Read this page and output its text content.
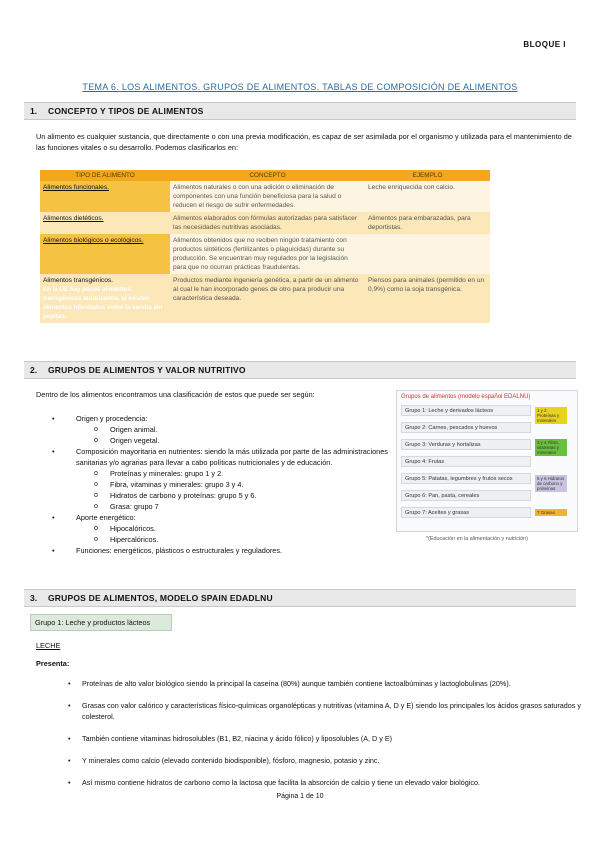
BLOQUE I
TEMA 6. LOS ALIMENTOS. GRUPOS DE ALIMENTOS. TABLAS DE COMPOSICIÓN DE ALIMENTOS
1.	CONCEPTO Y TIPOS DE ALIMENTOS

Un alimento es cualquier sustancia, que directamente o con una previa modificación, es capaz de ser asimilada por el organismo y utilizada para el mantenimiento de las funciones vitales o su desarrollo. Podemos clasificarlos en:

TIPO DE ALIMENTO	CONCEPTO	EJEMPLO
Alimentos funcionales.	Alimentos naturales o con una adición o eliminación de componentes con una función beneficiosa para la salud o reducen el riesgo de sufrir enfermedades.	Leche enriquecida con calcio.
Alimentos dietéticos.	Alimentos elaborados con fórmulas autorizadas para satisfacer las necesidades nutritivas asociadas.	Alimentos para embarazadas, para deportistas.
Alimentos biológicos o ecológicos.	Alimentos obtenidos que no reciben ningún tratamiento con productos sintéticos (fertilizantes o plaguicidas) durante su producción. Se encuentran muy regulados por la legislación para que no ocurran prácticas fraudulentas.	

Alimentos transgénicos.
En la UE hay pocos alimentos transgénicos autorizados, si existen alimentos híbridados como la sandía sin pepitas.	Productos mediante ingeniería genética, a partir de un alimento al cual le han incorporado genes de otro para producir una característica deseada.	Piensos para animales (permitido en un 0,9%) como la soja transgénica.
2.	GRUPOS DE ALIMENTOS Y VALOR NUTRITIVO

Dentro de los alimentos encontramos una clasificación de estos que puede ser según:

• Origen y procedencia:
o Origen animal.
o Origen vegetal.
• Composición mayoritaria en nutrientes: siendo la más utilizada por parte de las administraciones sanitarias y/o agrarias para llevar a cabo políticas nutricionales y de educación.
o Proteínas y minerales: grupo 1 y 2.
o Fibra, vitaminas y minerales: grupo 3 y 4.
o Hidratos de carbono y proteínas: grupo 5 y 6.
o Grasa: grupo 7
• Aporte energético:
o Hipocalóricos.
o Hipercalóricos.
• Funciones: energéticos, plásticos o estructurales y reguladores.
Grupos de alimentos (modelo español EDALNU)
Grupo 1: Leche y derivados lácteos
Grupo 2: Carnes, pescados y huevos
Grupo 3: Verduras y hortalizas
Grupo 4: Frutas
Grupo 5: Patatas, legumbres y frutos secos
Grupo 6: Pan, pasta, cereales
Grupo 7: Aceites y grasas
1 y 2 Proteínas y minerales
3 y 4 Fibra, vitaminas y minerales
5 y 6 Hidratos de carbono y proteínas
7 Grasas
*(Educación en la alimentación y nutrición)
3.	GRUPOS DE ALIMENTOS, MODELO SPAIN EDADLNU
Grupo 1: Leche y productos lácteos
LECHE
Presenta:
• Proteínas de alto valor biológico siendo la principal la caseína (80%) aunque también contiene lactoalbúminas y lactoglobulinas (20%).
• Grasas con valor calórico y características físico-químicas organolépticas y nutritivas (vitamina A, D y E) siendo los principales los ácidos grasos saturados y colesterol.
• También contiene vitaminas hidrosolubles (B1, B2, niacina y ácido fólico) y liposolubles (A, D y E)
• Y minerales como calcio (elevado contenido biodisponible), fósforo, magnesio, potasio y zinc.
• Así mismo contiene hidratos de carbono como la lactosa que facilita la absorción de calcio y tiene un elevado valor biológico.
Página 1 de 10
